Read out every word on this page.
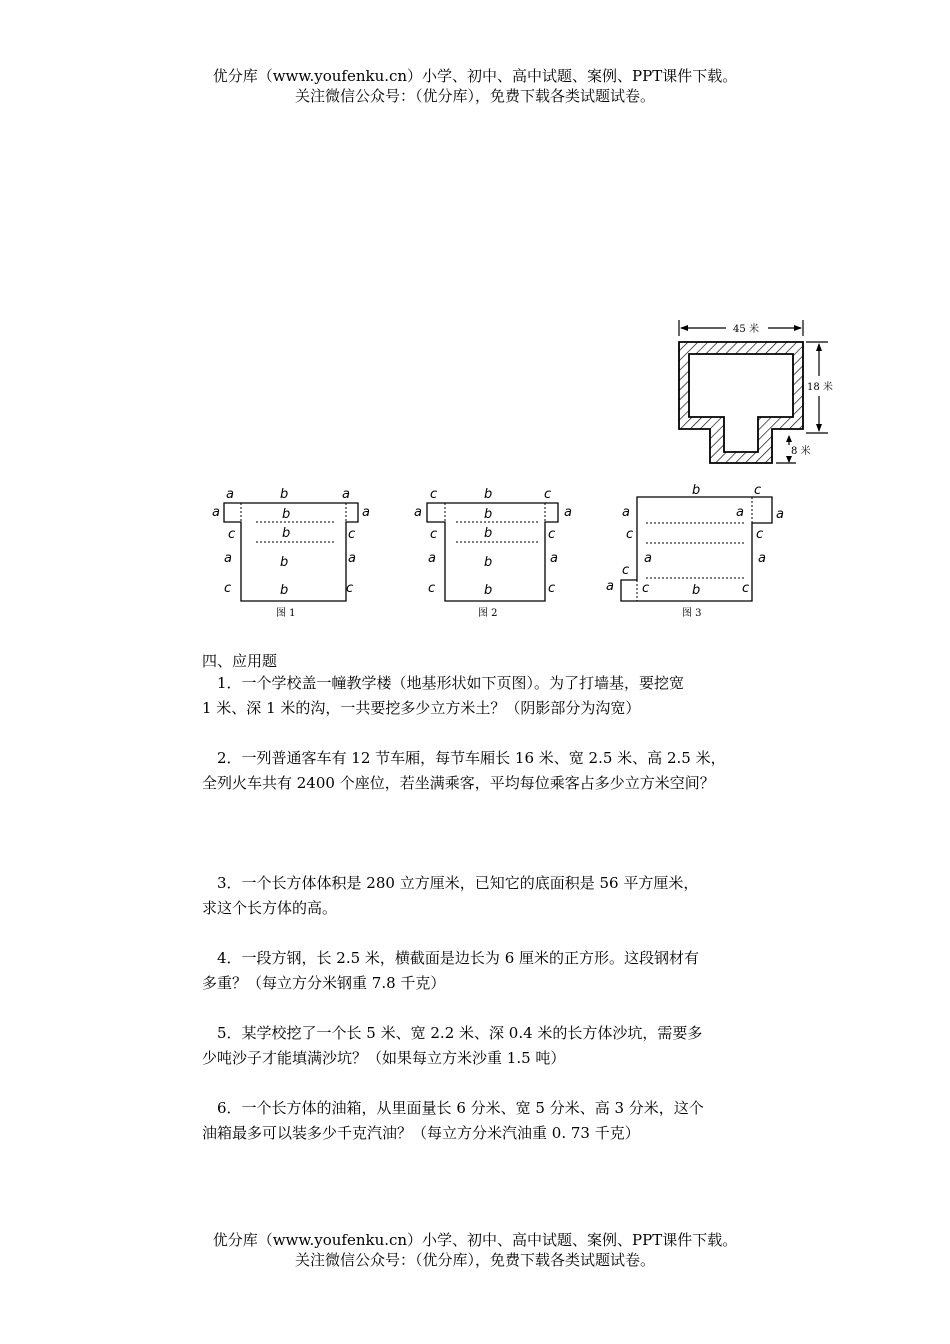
优分库（www.youfenku.cn）小学、初中、高中试题、案例、PPT课件下载。
关注微信公众号：（优分库），免费下载各类试题试卷。
45 米
18 米
8 米
a	b	a
a	b	a
c	b	c
a	b	a
c	b	c
图 1
c	b	c
a	b	a
c	b	c
a	b	a
c	b	c
图 2
b	c
a	a a
c	c
a	a
c
a c	b	c
图 3
四、应用题
1．一个学校盖一幢教学楼（地基形状如下页图）。为了打墙基，要挖宽
1 米、深 1 米的沟，一共要挖多少立方米土？（阴影部分为沟宽）
2．一列普通客车有 12 节车厢，每节车厢长 16 米、宽 2.5 米、高 2.5 米，
全列火车共有 2400 个座位，若坐满乘客，平均每位乘客占多少立方米空间？
3．一个长方体体积是 280 立方厘米，已知它的底面积是 56 平方厘米，
求这个长方体的高。
4．一段方钢，长 2.5 米，横截面是边长为 6 厘米的正方形。这段钢材有
多重？（每立方分米钢重 7.8 千克）
5．某学校挖了一个长 5 米、宽 2.2 米、深 0.4 米的长方体沙坑，需要多
少吨沙子才能填满沙坑？（如果每立方米沙重 1.5 吨）
6．一个长方体的油箱，从里面量长 6 分米、宽 5 分米、高 3 分米，这个
油箱最多可以装多少千克汽油？（每立方分米汽油重 0. 73 千克）
优分库（www.youfenku.cn）小学、初中、高中试题、案例、PPT课件下载。
关注微信公众号：（优分库），免费下载各类试题试卷。
